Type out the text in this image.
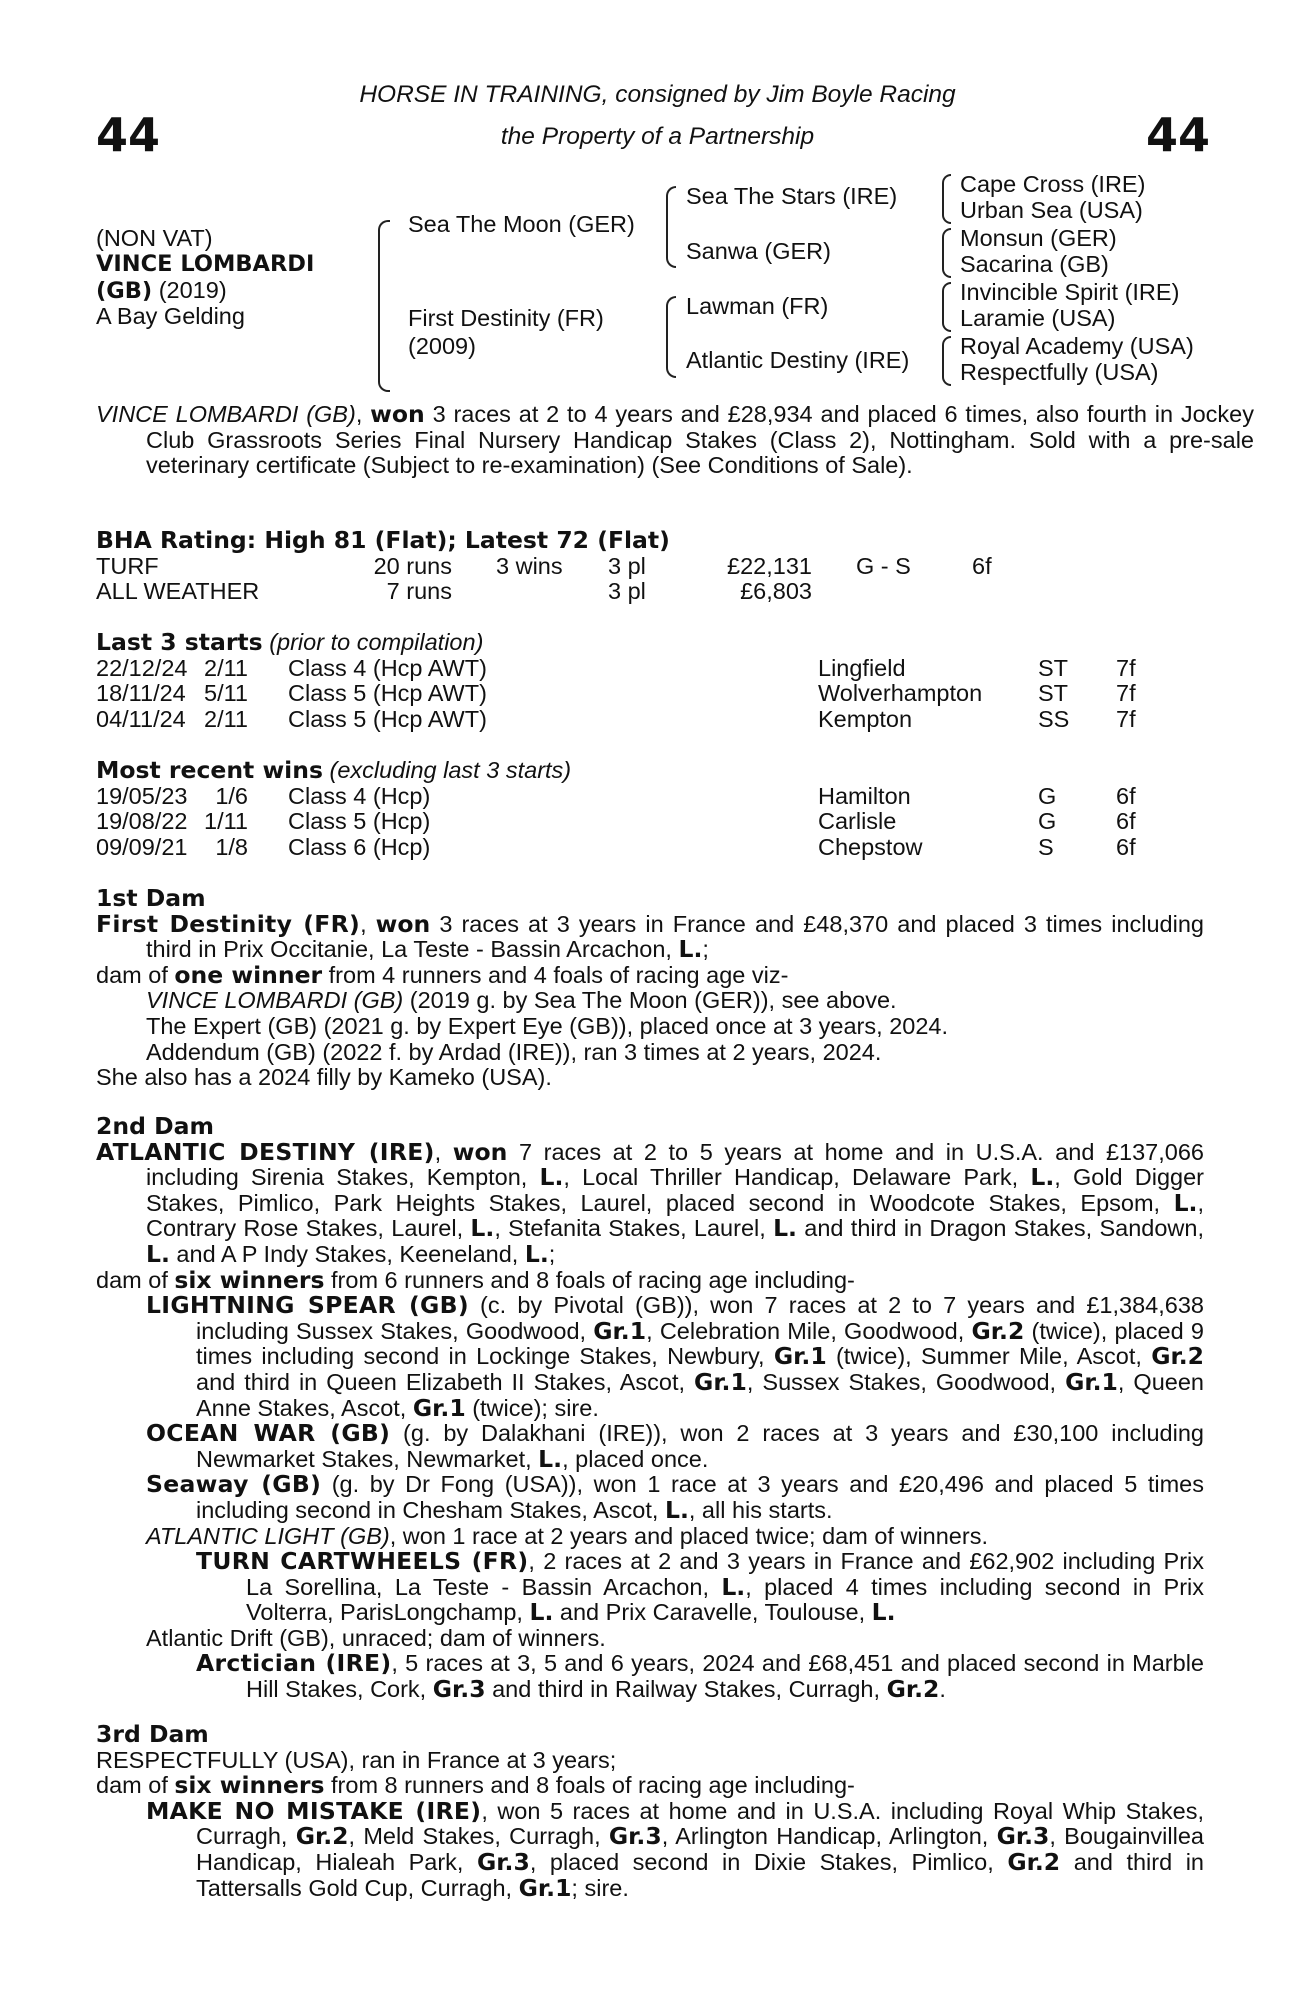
44	44
HORSE IN TRAINING, consigned by Jim Boyle Racing
the Property of a Partnership
(NON VAT)
VINCE LOMBARDI
(GB) (2019)
A Bay Gelding
Sea The Moon (GER)
First Destinity (FR)
(2009)
Sea The Stars (IRE)
Sanwa (GER)
Lawman (FR)
Atlantic Destiny (IRE)
Cape Cross (IRE)
Urban Sea (USA)
Monsun (GER)
Sacarina (GB)
Invincible Spirit (IRE)
Laramie (USA)
Royal Academy (USA)
Respectfully (USA)
VINCE LOMBARDI (GB), won 3 races at 2 to 4 years and £28,934 and placed 6 times, also fourth in Jockey Club Grassroots Series Final Nursery Handicap Stakes (Class 2), Nottingham. Sold with a pre-sale veterinary certificate (Subject to re-examination) (See Conditions of Sale).
BHA Rating: High 81 (Flat); Latest 72 (Flat)
TURF	20 runs 3 wins 3 pl	£22,131 G - S	6f
ALL WEATHER	7 runs	3 pl	£6,803
Last 3 starts (prior to compilation)
22/12/24 2/11 Class 4 (Hcp AWT)	Lingfield	ST 7f
18/11/24 5/11 Class 5 (Hcp AWT)	Wolverhampton ST 7f
04/11/24 2/11 Class 5 (Hcp AWT)	Kempton	SS 7f
Most recent wins (excluding last 3 starts)
19/05/23	1/6 Class 4 (Hcp)	Hamilton	G	6f
19/08/22 1/11 Class 5 (Hcp)	Carlisle	G	6f
09/09/21	1/8 Class 6 (Hcp)	Chepstow	S	6f
1st Dam
First Destinity (FR), won 3 races at 3 years in France and £48,370 and placed 3 times including third in Prix Occitanie, La Teste - Bassin Arcachon, L.;
dam of one winner from 4 runners and 4 foals of racing age viz-
VINCE LOMBARDI (GB) (2019 g. by Sea The Moon (GER)), see above.
The Expert (GB) (2021 g. by Expert Eye (GB)), placed once at 3 years, 2024.
Addendum (GB) (2022 f. by Ardad (IRE)), ran 3 times at 2 years, 2024.
She also has a 2024 filly by Kameko (USA).
2nd Dam
ATLANTIC DESTINY (IRE), won 7 races at 2 to 5 years at home and in U.S.A. and £137,066 including Sirenia Stakes, Kempton, L., Local Thriller Handicap, Delaware Park, L., Gold Digger Stakes, Pimlico, Park Heights Stakes, Laurel, placed second in Woodcote Stakes, Epsom, L., Contrary Rose Stakes, Laurel, L., Stefanita Stakes, Laurel, L. and third in Dragon Stakes, Sandown, L. and A P Indy Stakes, Keeneland, L.;
dam of six winners from 6 runners and 8 foals of racing age including-
LIGHTNING SPEAR (GB) (c. by Pivotal (GB)), won 7 races at 2 to 7 years and £1,384,638 including Sussex Stakes, Goodwood, Gr.1, Celebration Mile, Goodwood, Gr.2 (twice), placed 9 times including second in Lockinge Stakes, Newbury, Gr.1 (twice), Summer Mile, Ascot, Gr.2 and third in Queen Elizabeth II Stakes, Ascot, Gr.1, Sussex Stakes, Goodwood, Gr.1, Queen Anne Stakes, Ascot, Gr.1 (twice); sire.
OCEAN WAR (GB) (g. by Dalakhani (IRE)), won 2 races at 3 years and £30,100 including Newmarket Stakes, Newmarket, L., placed once.
Seaway (GB) (g. by Dr Fong (USA)), won 1 race at 3 years and £20,496 and placed 5 times including second in Chesham Stakes, Ascot, L., all his starts.
ATLANTIC LIGHT (GB), won 1 race at 2 years and placed twice; dam of winners.
TURN CARTWHEELS (FR), 2 races at 2 and 3 years in France and £62,902 including Prix La Sorellina, La Teste - Bassin Arcachon, L., placed 4 times including second in Prix Volterra, ParisLongchamp, L. and Prix Caravelle, Toulouse, L.
Atlantic Drift (GB), unraced; dam of winners.
Arctician (IRE), 5 races at 3, 5 and 6 years, 2024 and £68,451 and placed second in Marble Hill Stakes, Cork, Gr.3 and third in Railway Stakes, Curragh, Gr.2.
3rd Dam
RESPECTFULLY (USA), ran in France at 3 years;
dam of six winners from 8 runners and 8 foals of racing age including-
MAKE NO MISTAKE (IRE), won 5 races at home and in U.S.A. including Royal Whip Stakes, Curragh, Gr.2, Meld Stakes, Curragh, Gr.3, Arlington Handicap, Arlington, Gr.3, Bougainvillea Handicap, Hialeah Park, Gr.3, placed second in Dixie Stakes, Pimlico, Gr.2 and third in Tattersalls Gold Cup, Curragh, Gr.1; sire.
